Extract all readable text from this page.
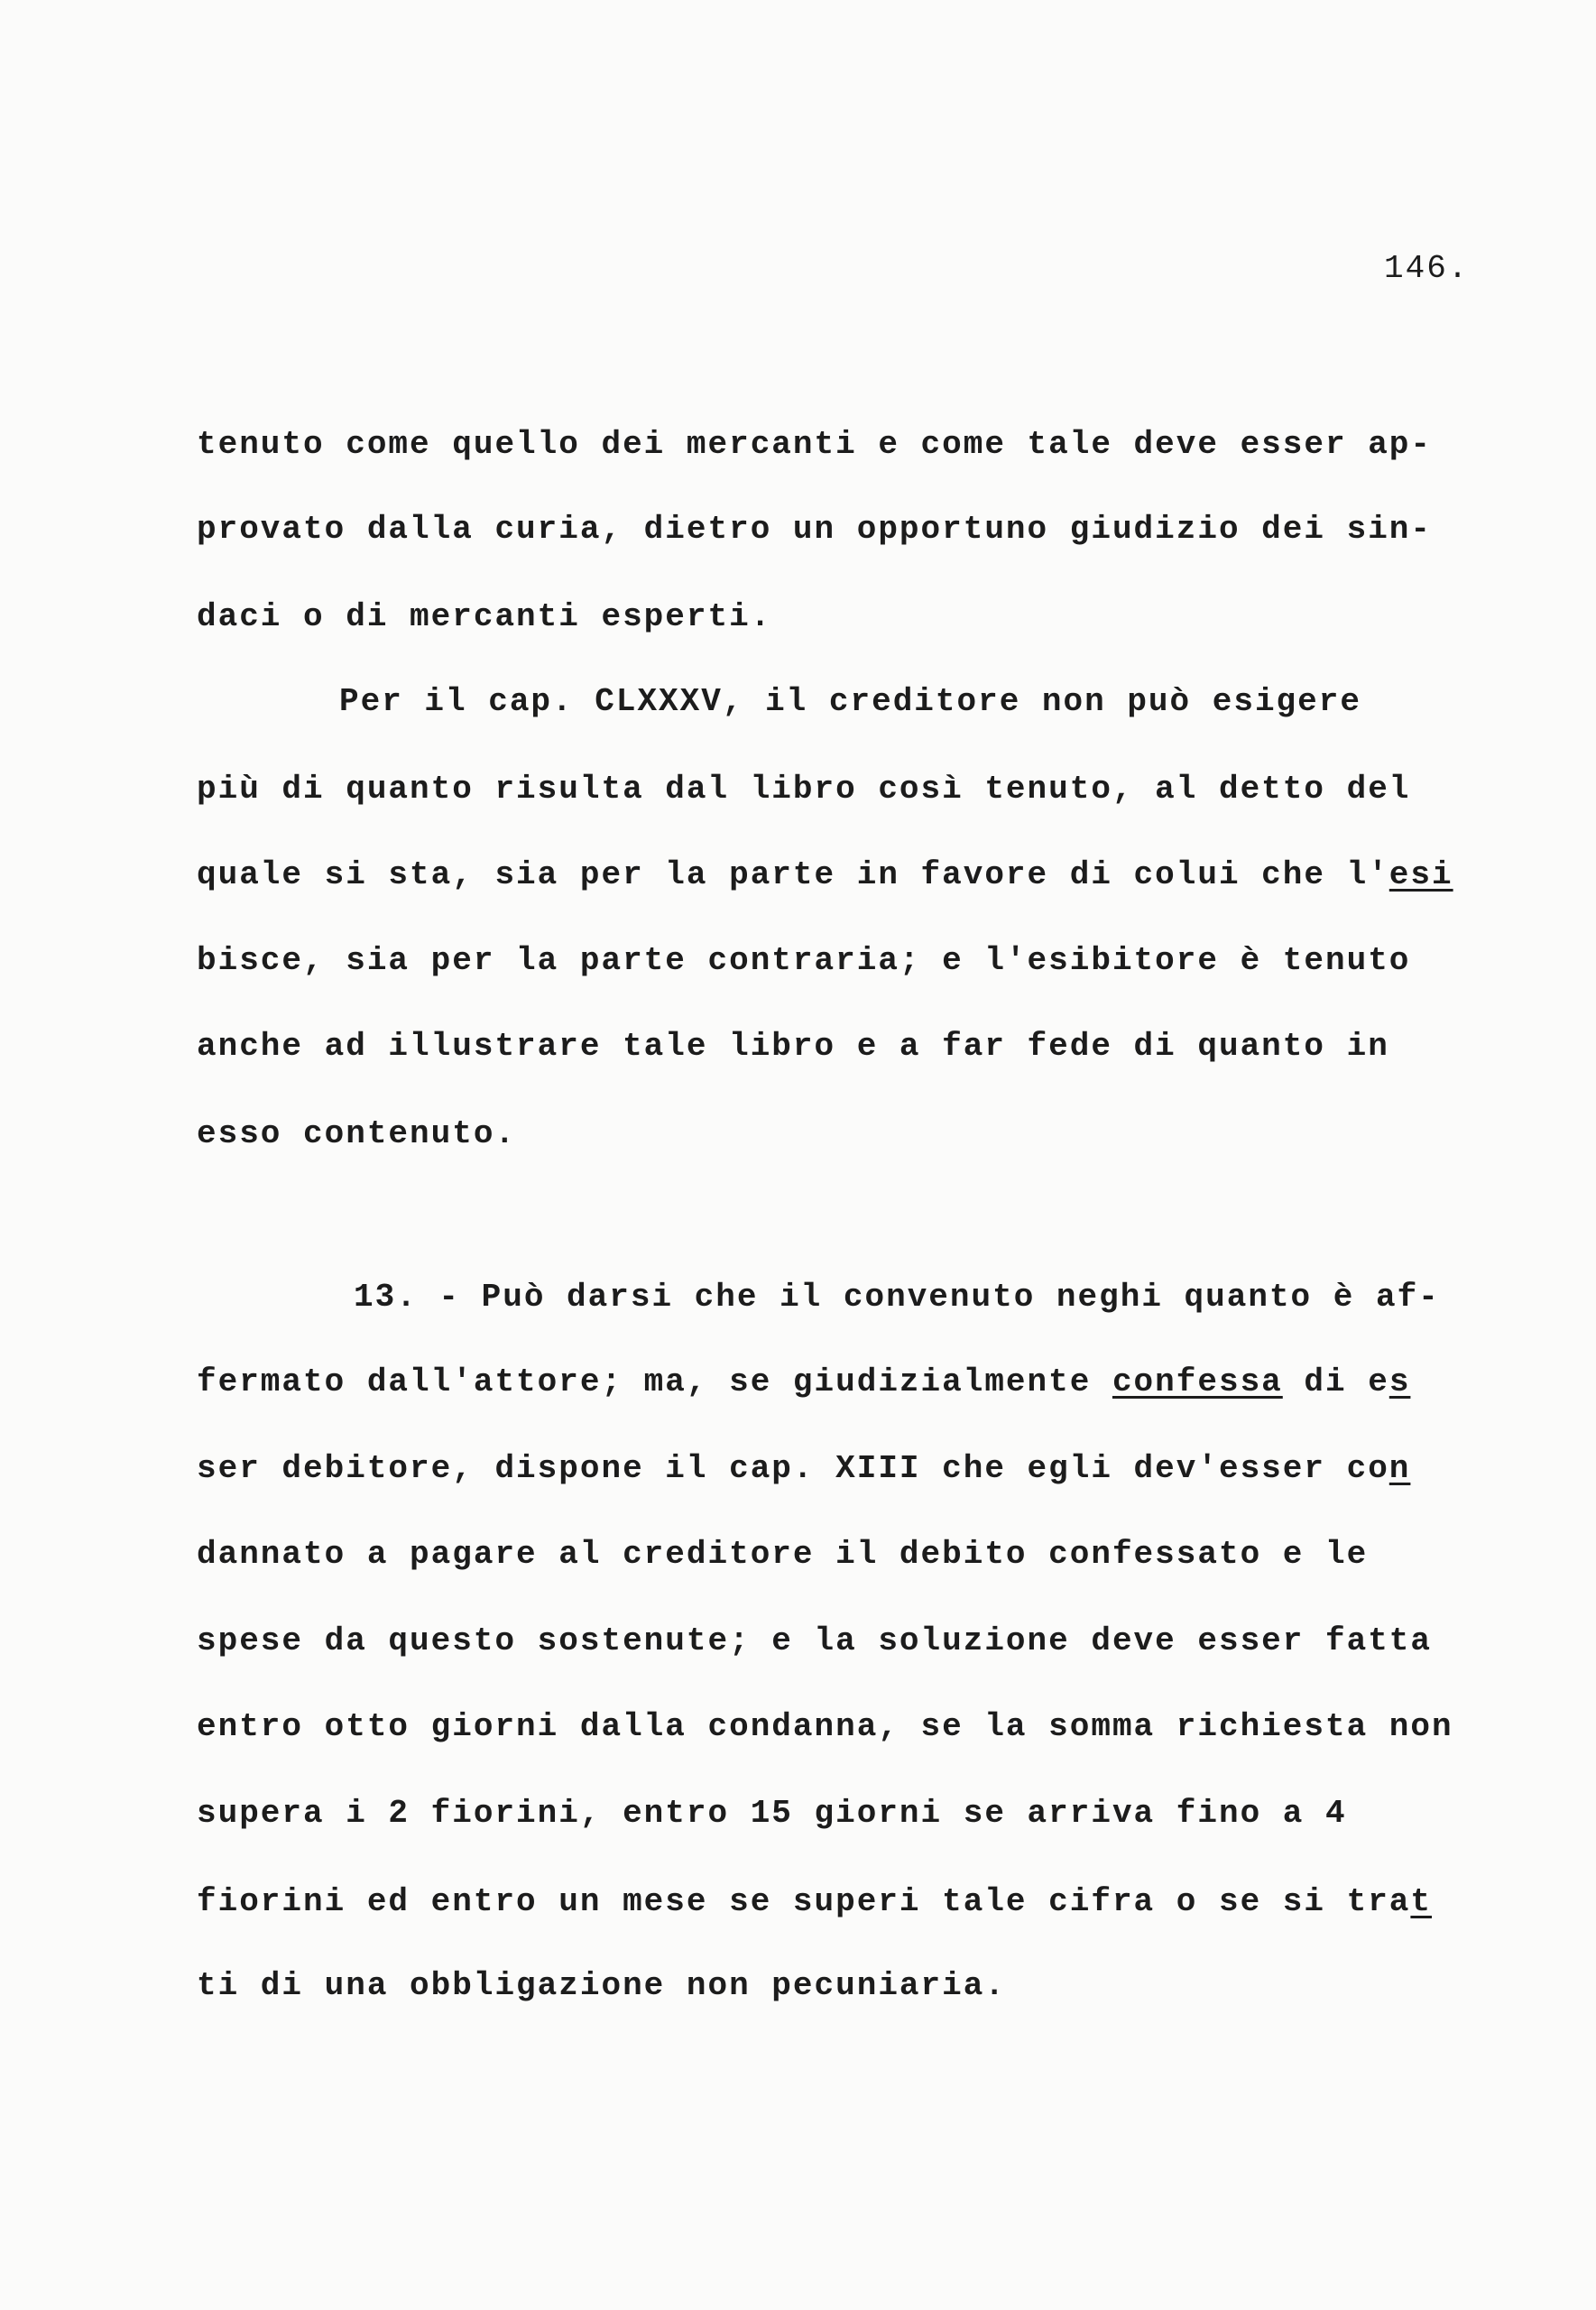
146.
tenuto come quello dei mercanti e come tale deve esser ap-
provato dalla curia, dietro un opportuno giudizio dei sin-
daci o di mercanti esperti.
Per il cap. CLXXXV, il creditore non può esigere
più di quanto risulta dal libro così tenuto, al detto del
quale si sta, sia per la parte in favore di colui che l'esi
bisce, sia per la parte contraria; e l'esibitore è tenuto
anche ad illustrare tale libro e a far fede di quanto in
esso contenuto.
13. - Può darsi che il convenuto neghi quanto è af-
fermato dall'attore; ma, se giudizialmente confessa di es
ser debitore, dispone il cap. XIII che egli dev'esser con
dannato a pagare al creditore il debito confessato e le
spese da questo sostenute; e la soluzione deve esser fatta
entro otto giorni dalla condanna, se la somma richiesta non
supera i 2 fiorini, entro 15 giorni se arriva fino a 4
fiorini ed entro un mese se superi tale cifra o se si trat
ti di una obbligazione non pecuniaria.
